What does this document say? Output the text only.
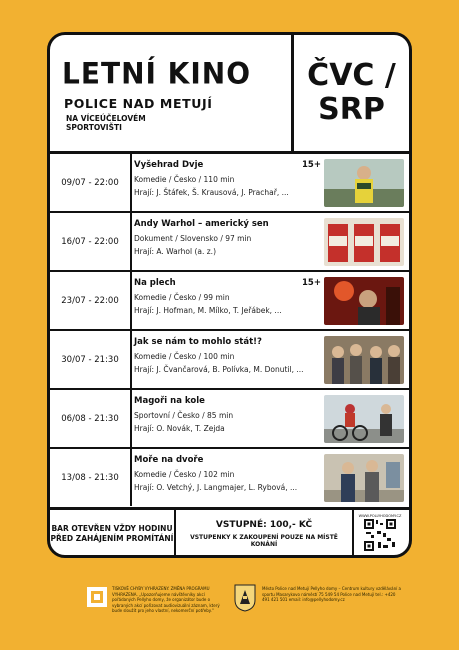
LETNÍ KINO
POLICE NAD METUJÍ
NA VÍCEÚČELOVÉM SPORTOVIŠTI
ČVC /
SRP
09/07 - 22:00
Vyšehrad Dvje
Komedie / Česko / 110 min
Hrají: J. Štáfek, Š. Krausová, J. Prachař, ...
15+
16/07 - 22:00
Andy Warhol – americký sen
Dokument / Slovensko / 97 min
Hrají: A. Warhol (a. z.)
23/07 - 22:00
Na plech
Komedie / Česko / 99 min
Hrají: J. Hofman, M. Mílko, T. Jeřábek, ...
15+
30/07 - 21:30
Jak se nám to mohlo stát!?
Komedie / Česko / 100 min
Hrají: J. Čvančarová, B. Polívka, M. Donutil, ...
06/08 - 21:30
Magoři na kole
Sportovní / Česko / 85 min
Hrají: O. Novák, T. Zejda
13/08 - 21:30
Moře na dvoře
Komedie / Česko / 102 min
Hrají: O. Vetchý, J. Langmajer, L. Rybová, ...
BAR OTEVŘEN VŽDY HODINU PŘED ZAHÁJENÍM PROMÍTÁNÍ
VSTUPNÉ: 100,- KČ
VSTUPENKY K ZAKOUPENÍ POUZE NA MÍSTĚ KONÁNÍ
WWW.POLLYHODOMY.CZ
TISKOVÉ CHYBY VYHRAZENY. ZMĚNA PROGRAMU VYHRAZENA. „Upozorňujeme návštěvníky akcí pořádaných Pellyho domy, že organizátor bude o vybraných akcí pořizovat audiovizuální záznam, který bude sloužit pro jeho vlastní, nekomerční potřeby.“
Město Police nad Metují Pellyho domy – Centrum kultury vzdělávání a sportu Masarykovo náměstí 75 549 54 Police nad Metují tel.: +420 491 421 501 email: info@pellyhodomy.cz
